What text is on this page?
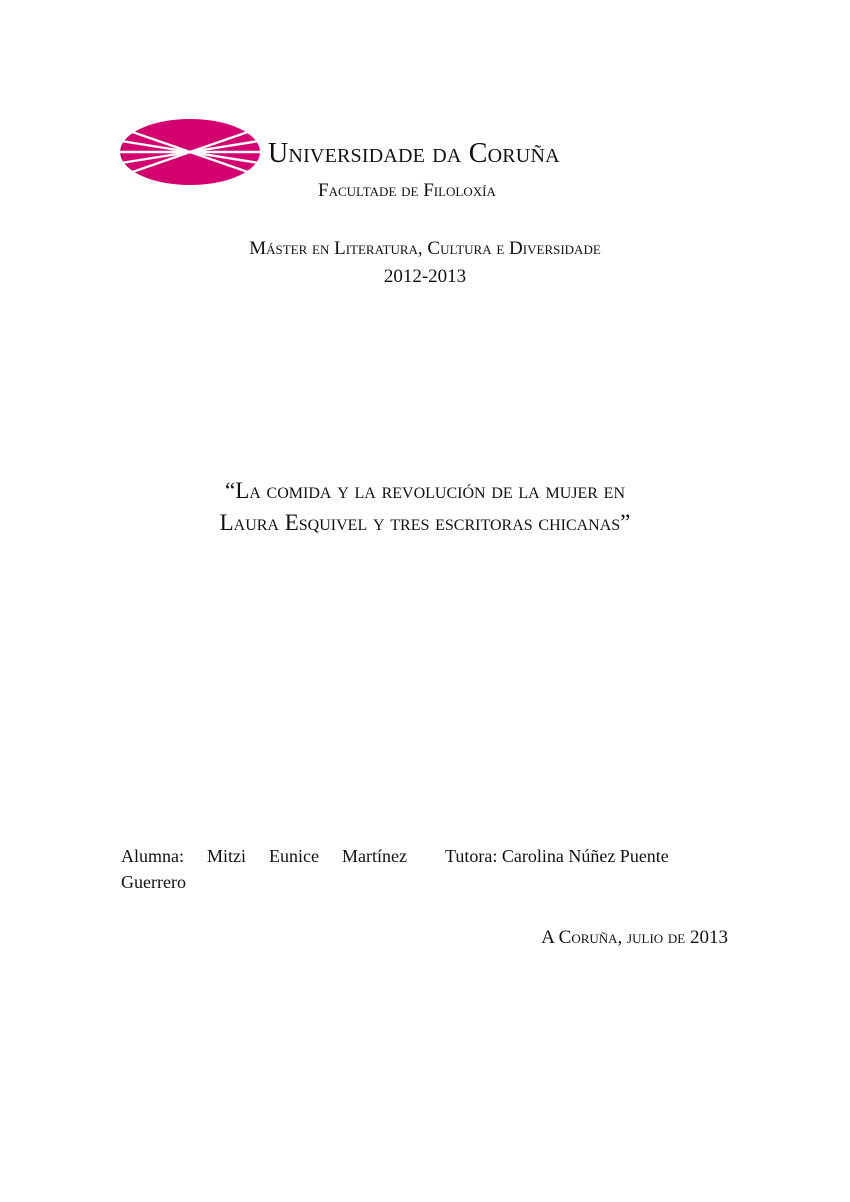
Universidade da Coruña
Facultade de Filoloxía
Máster en Literatura, Cultura e Diversidade
2012-2013
“La comida y la revolución de la mujer en
Laura Esquivel y tres escritoras chicanas”
Alumna: Mitzi Eunice Martínez
Guerrero
Tutora: Carolina Núñez Puente
A Coruña, julio de 2013
